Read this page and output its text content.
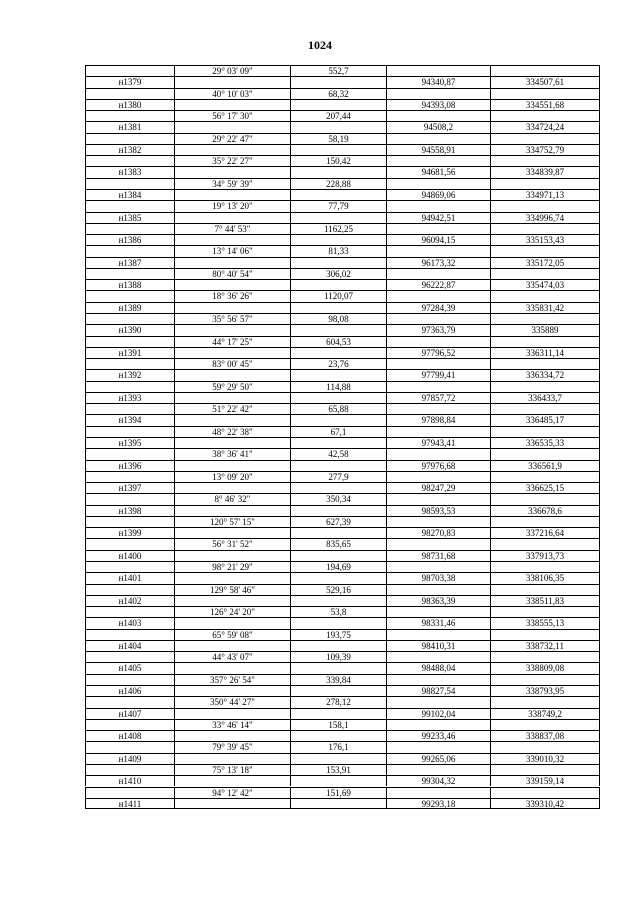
1024
29° 03' 09"	552,7
н1379	94340,87	334507,61
40° 10' 03"	68,32
н1380	94393,08	334551,68
56° 17' 30"	207,44
н1381	94508,2	334724,24
29° 22' 47"	58,19
н1382	94558,91	334752,79
35° 22' 27"	150,42
н1383	94681,56	334839,87
34° 59' 39"	228,88
н1384	94869,06	334971,13
19° 13' 20"	77,79
н1385	94942,51	334996,74
7° 44' 53"	1162,25
н1386	96094,15	335153,43
13° 14' 06"	81,33
н1387	96173,32	335172,05
80° 40' 54"	306,02
н1388	96222,87	335474,03
18° 36' 26"	1120,07
н1389	97284,39	335831,42
35° 56' 57"	98,08
н1390	97363,79	335889
44° 17' 25"	604,53
н1391	97796,52	336311,14
83° 00' 45"	23,76
н1392	97799,41	336334,72
59° 29' 50"	114,88
н1393	97857,72	336433,7
51° 22' 42"	65,88
н1394	97898,84	336485,17
48° 22' 38"	67,1
н1395	97943,41	336535,33
38° 36' 41"	42,58
н1396	97976,68	336561,9
13° 09' 20"	277,9
н1397	98247,29	336625,15
8° 46' 32"	350,34
н1398	98593,53	336678,6
120° 57' 15"	627,39
н1399	98270,83	337216,64
56° 31' 52"	835,65
н1400	98731,68	337913,73
98° 21' 29"	194,69
н1401	98703,38	338106,35
129° 58' 46"	529,16
н1402	98363,39	338511,83
126° 24' 20"	53,8
н1403	98331,46	338555,13
65° 59' 08"	193,75
н1404	98410,31	338732,11
44° 43' 07"	109,39
н1405	98488,04	338809,08
357° 26' 54"	339,84
н1406	98827,54	338793,95
350° 44' 27"	278,12
н1407	99102,04	338749,2
33° 46' 14"	158,1
н1408	99233,46	338837,08
79° 39' 45"	176,1
н1409	99265,06	339010,32
75° 13' 18"	153,91
н1410	99304,32	339159,14
94° 12' 42"	151,69
н1411	99293,18	339310,42
